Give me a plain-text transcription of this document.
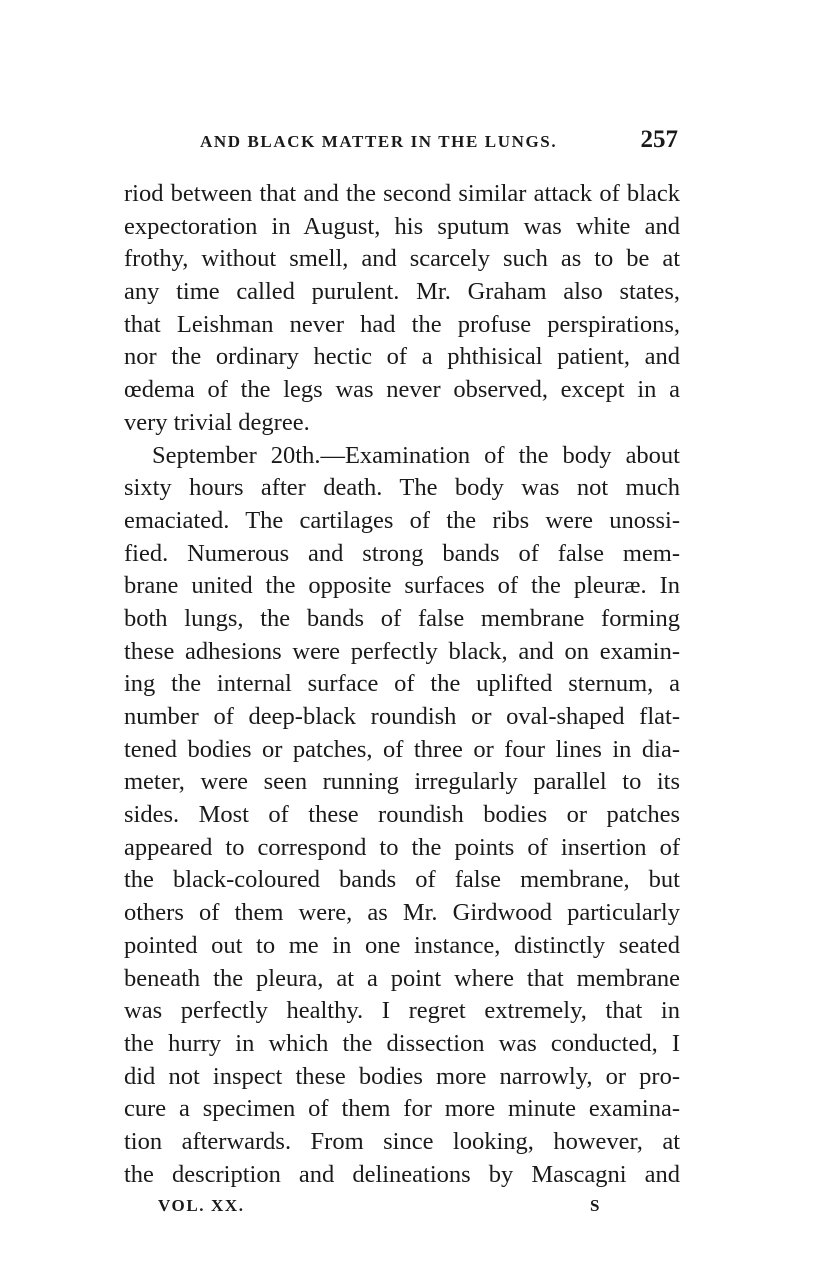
AND BLACK MATTER IN THE LUNGS.	257
riod between that and the second similar attack of black
expectoration in August, his sputum was white and
frothy, without smell, and scarcely such as to be at
any time called purulent. Mr. Graham also states,
that Leishman never had the profuse perspirations,
nor the ordinary hectic of a phthisical patient, and
œdema of the legs was never observed, except in a
very trivial degree.
September 20th.—Examination of the body about
sixty hours after death. The body was not much
emaciated. The cartilages of the ribs were unossi-
fied. Numerous and strong bands of false mem-
brane united the opposite surfaces of the pleuræ. In
both lungs, the bands of false membrane forming
these adhesions were perfectly black, and on examin-
ing the internal surface of the uplifted sternum, a
number of deep-black roundish or oval-shaped flat-
tened bodies or patches, of three or four lines in dia-
meter, were seen running irregularly parallel to its
sides. Most of these roundish bodies or patches
appeared to correspond to the points of insertion of
the black-coloured bands of false membrane, but
others of them were, as Mr. Girdwood particularly
pointed out to me in one instance, distinctly seated
beneath the pleura, at a point where that membrane
was perfectly healthy. I regret extremely, that in
the hurry in which the dissection was conducted, I
did not inspect these bodies more narrowly, or pro-
cure a specimen of them for more minute examina-
tion afterwards. From since looking, however, at
the description and delineations by Mascagni and
VOL. XX.	S
